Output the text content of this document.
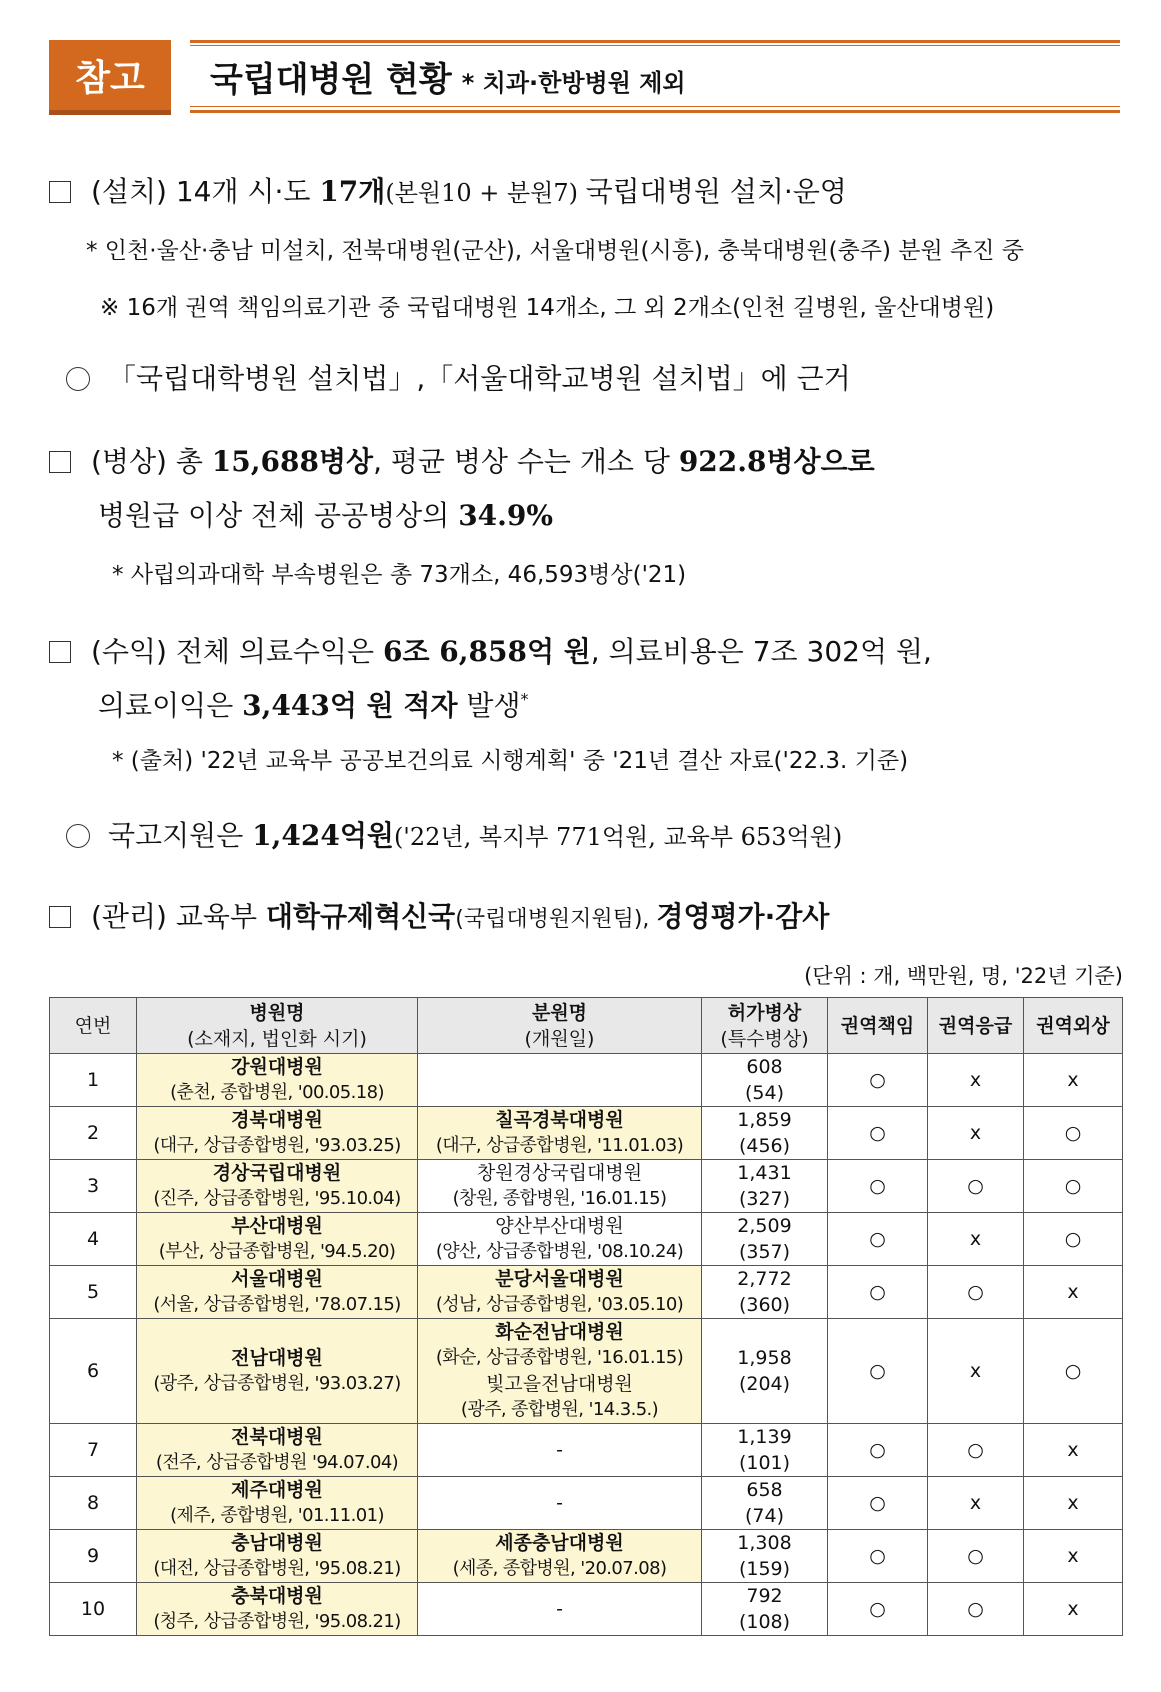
참고 국립대병원 현황 * 치과·한방병원 제외
(설치) 14개 시·도 17개(본원10 + 분원7) 국립대병원 설치·운영
* 인천·울산·충남 미설치, 전북대병원(군산), 서울대병원(시흥), 충북대병원(충주) 분원 추진 중
※ 16개 권역 책임의료기관 중 국립대병원 14개소, 그 외 2개소(인천 길병원, 울산대병원)
「국립대학병원 설치법」,「서울대학교병원 설치법」에 근거
(병상) 총 15,688병상, 평균 병상 수는 개소 당 922.8병상으로
병원급 이상 전체 공공병상의 34.9%
* 사립의과대학 부속병원은 총 73개소, 46,593병상('21)
(수익) 전체 의료수익은 6조 6,858억 원, 의료비용은 7조 302억 원,
의료이익은 3,443억 원 적자 발생*
* (출처) '22년 교육부 공공보건의료 시행계획' 중 '21년 결산 자료('22.3. 기준)
국고지원은 1,424억원('22년, 복지부 771억원, 교육부 653억원)
(관리) 교육부 대학규제혁신국(국립대병원지원팀), 경영평가·감사
(단위 : 개, 백만원, 명, '22년 기준)
연번	병원명
(소재지, 법인화 시기)	분원명
(개원일)	허가병상
(특수병상)	권역책임	권역응급	권역외상

1	강원대병원
(춘천, 종합병원, '00.05.18)		608
(54)	○	x	x
2	경북대병원
(대구, 상급종합병원, '93.03.25)	칠곡경북대병원
(대구, 상급종합병원, '11.01.03)	1,859
(456)	○	x	○
3	경상국립대병원
(진주, 상급종합병원, '95.10.04)	창원경상국립대병원
(창원, 종합병원, '16.01.15)	1,431
(327)	○	○	○
4	부산대병원
(부산, 상급종합병원, '94.5.20)	양산부산대병원
(양산, 상급종합병원, '08.10.24)	2,509
(357)	○	x	○
5	서울대병원
(서울, 상급종합병원, '78.07.15)	분당서울대병원
(성남, 상급종합병원, '03.05.10)	2,772
(360)	○	○	x
6	전남대병원
(광주, 상급종합병원, '93.03.27)	화순전남대병원
(화순, 상급종합병원, '16.01.15)
빛고을전남대병원
(광주, 종합병원, '14.3.5.)	1,958
(204)	○	x	○
7	전북대병원
(전주, 상급종합병원 '94.07.04)	-	1,139
(101)	○	○	x
8	제주대병원
(제주, 종합병원, '01.11.01)	-	658
(74)	○	x	x
9	충남대병원
(대전, 상급종합병원, '95.08.21)	세종충남대병원
(세종, 종합병원, '20.07.08)	1,308
(159)	○	○	x
10	충북대병원
(청주, 상급종합병원, '95.08.21)	-	792
(108)	○	○	x
